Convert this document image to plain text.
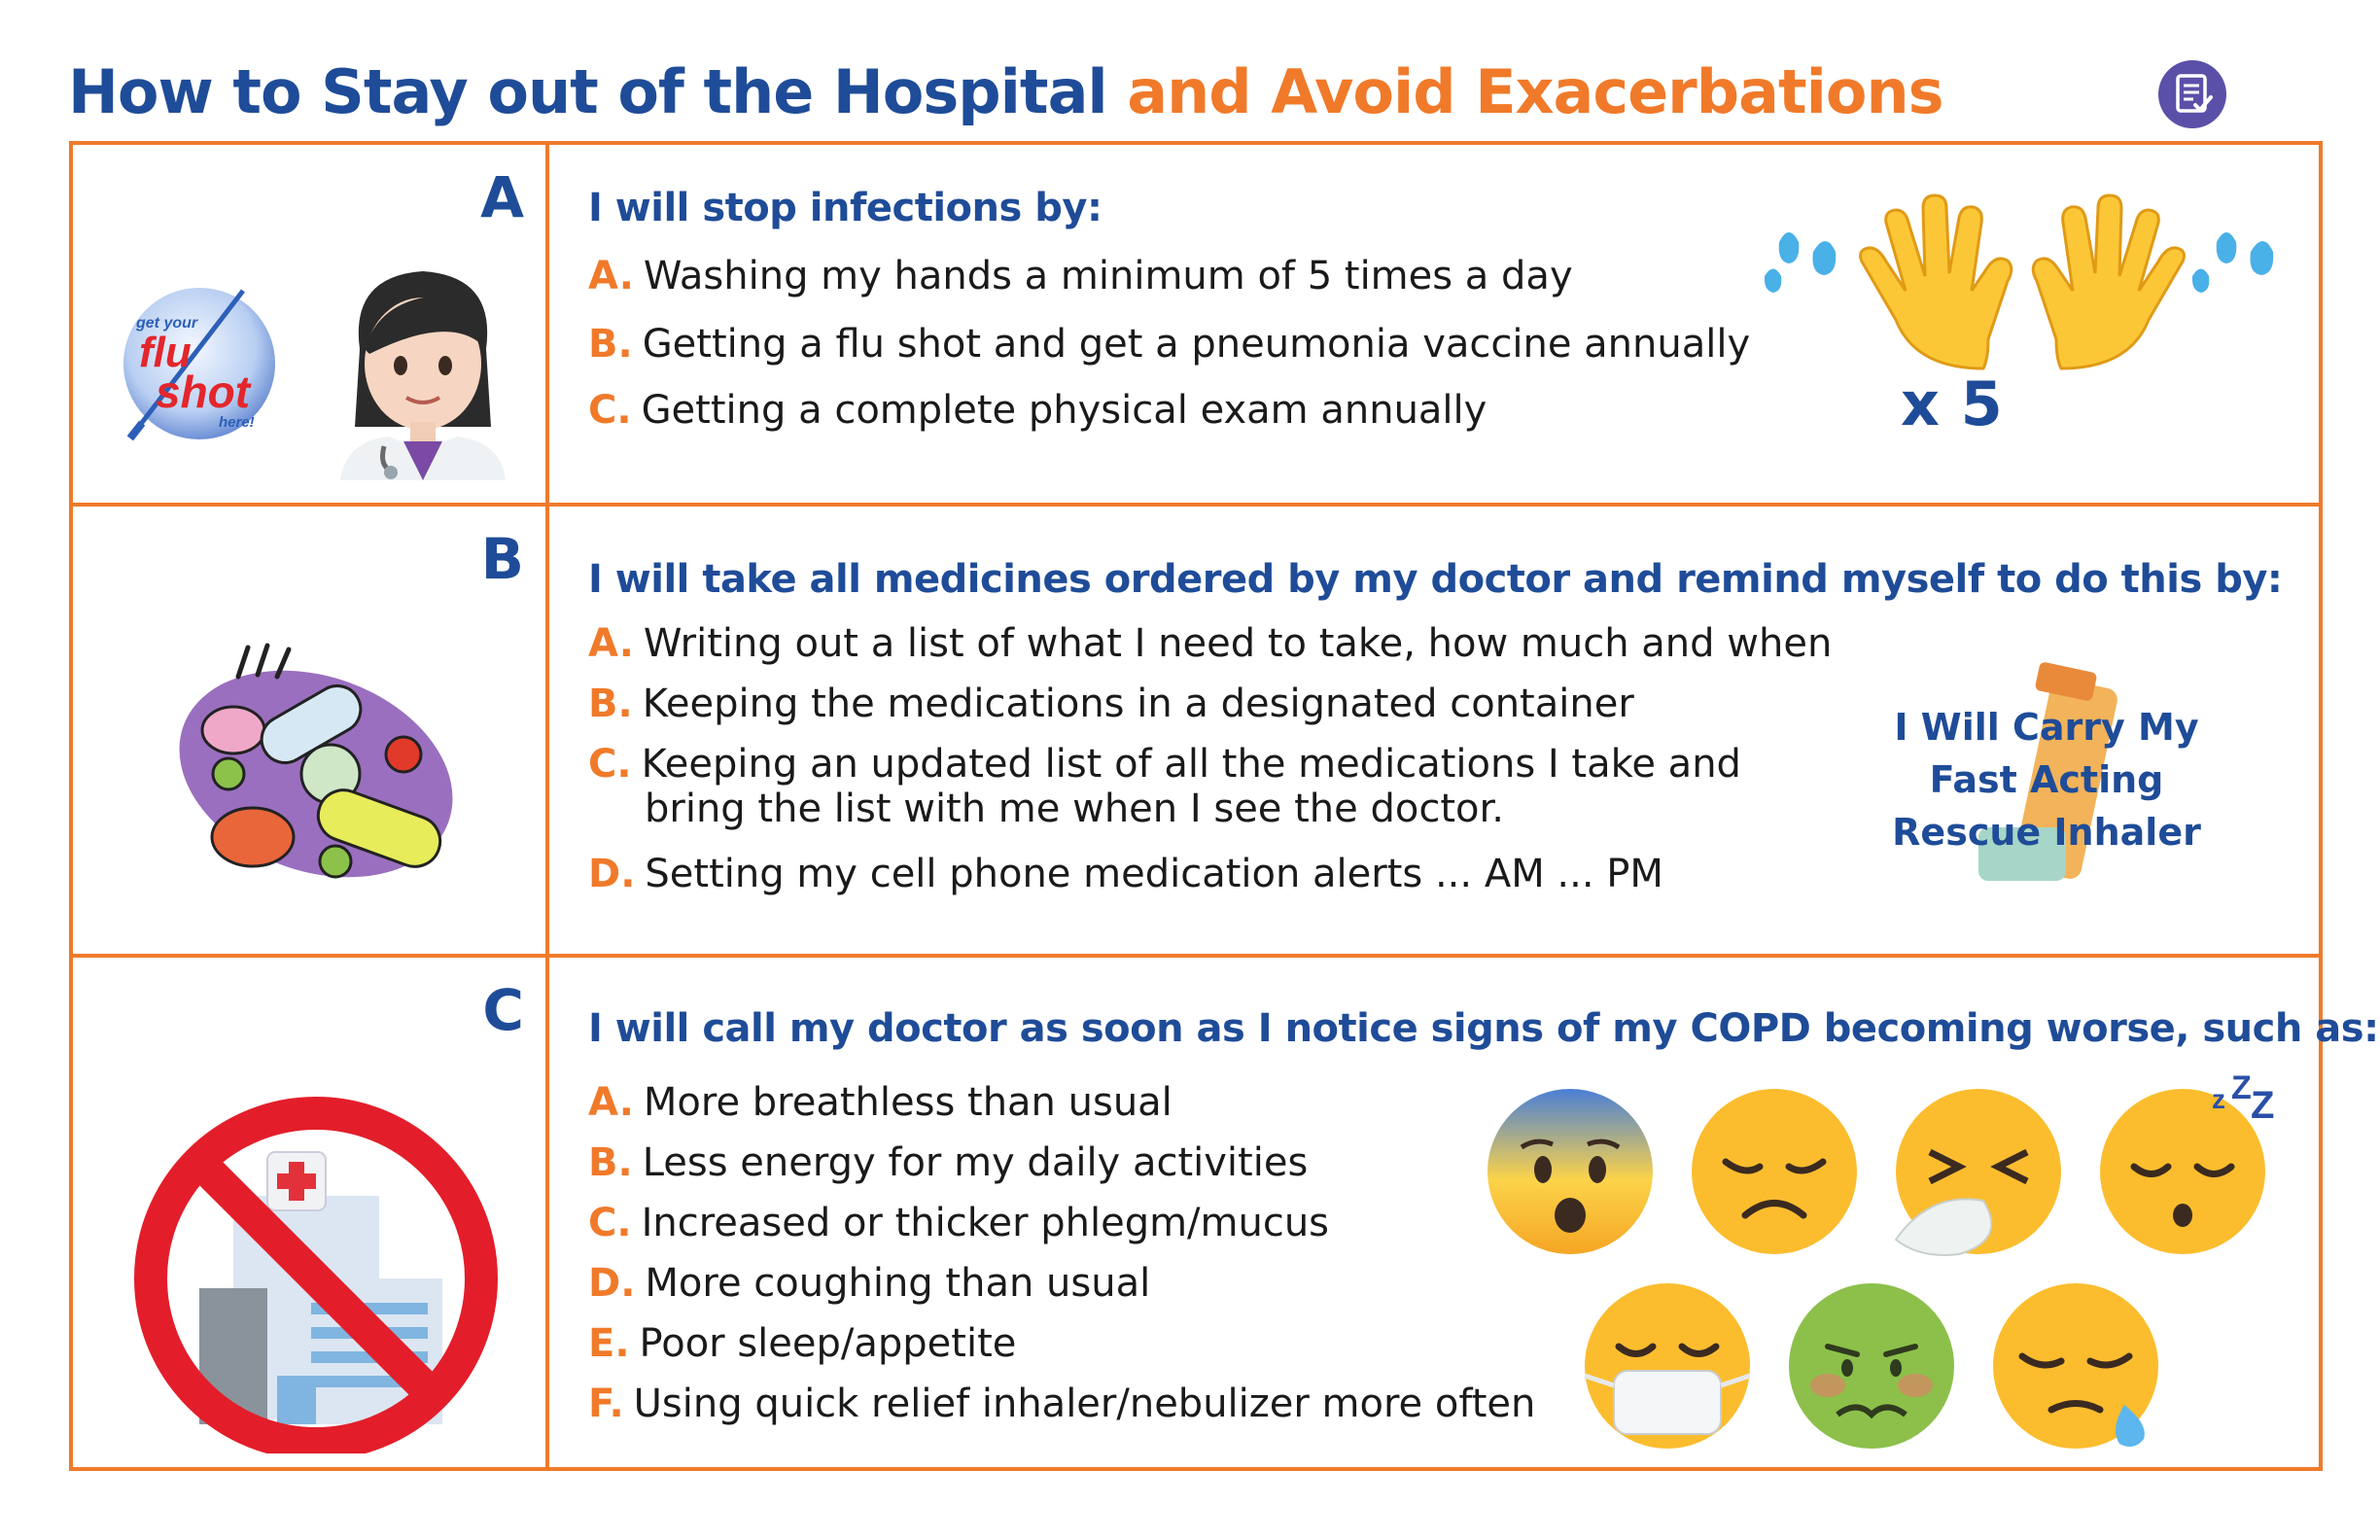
How to Stay out of the Hospital and Avoid Exacerbations
A
get your
flu
shot
here!
I will stop infections by:
A. Washing my hands a minimum of 5 times a day
B. Getting a flu shot and get a pneumonia vaccine annually
C. Getting a complete physical exam annually	x 5
B I will take all medicines ordered by my doctor and remind myself to do this by:
A. Writing out a list of what I need to take, how much and when
B. Keeping the medications in a designated container
C. Keeping an updated list of all the medications I take and
bring the list with me when I see the doctor.
D. Setting my cell phone medication alerts ... AM ... PM
I Will Carry My
Fast Acting
Rescue Inhaler
C I will call my doctor as soon as I notice signs of my COPD becoming worse, such as:
A. More breathless than usual
B. Less energy for my daily activities
C. Increased or thicker phlegm/mucus
D. More coughing than usual
E. Poor sleep/appetite
F. Using quick relief inhaler/nebulizer more often
z Z Z
